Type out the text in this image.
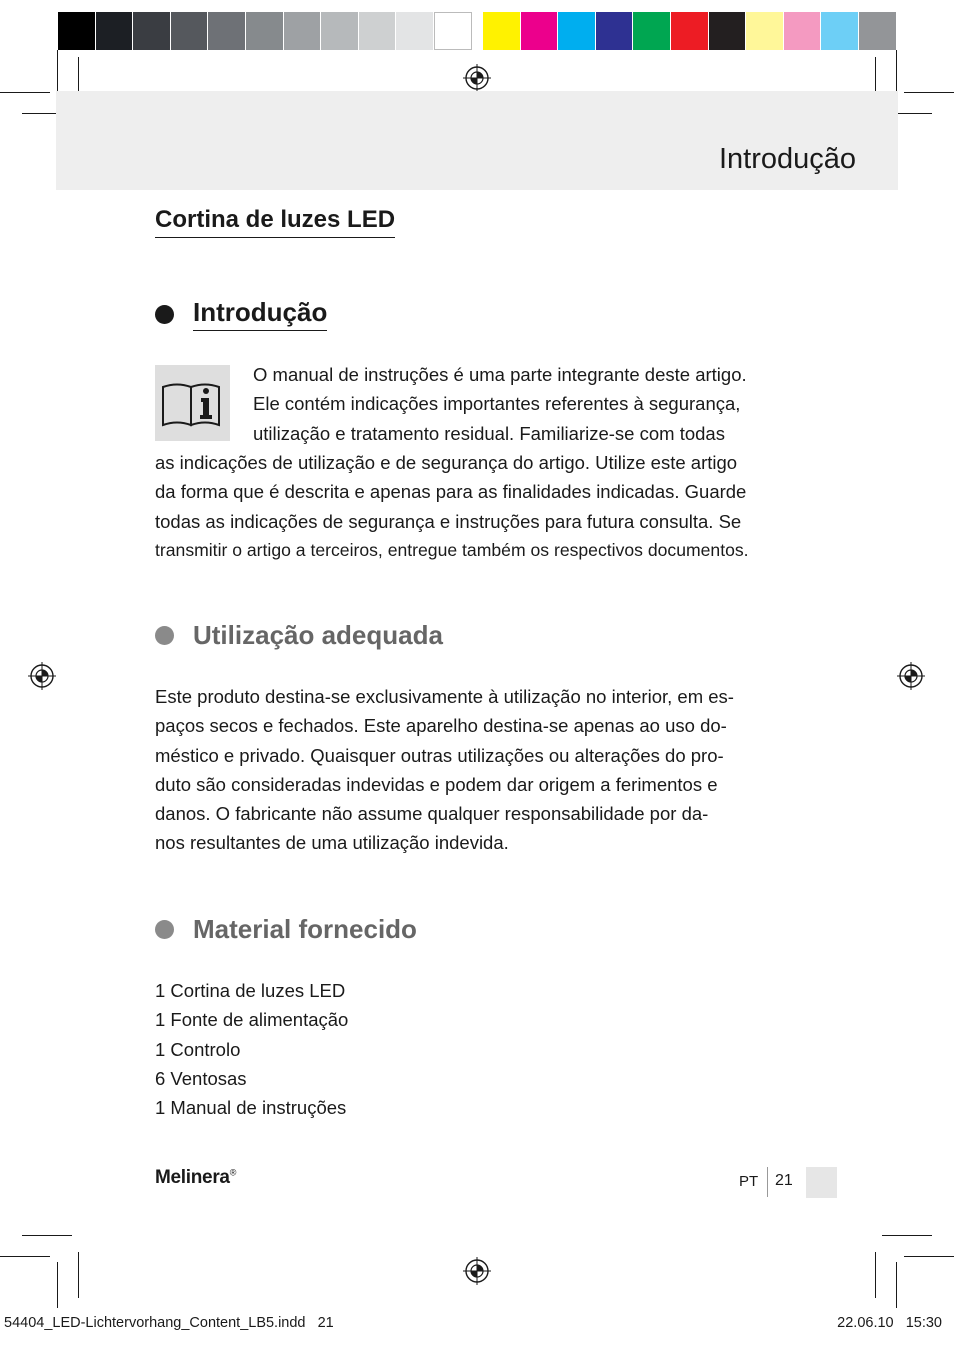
Introdução
Cortina de luzes LED
Introdução
O manual de instruções é uma parte integrante deste artigo.
Ele contém indicações importantes referentes à segurança,
utilização e tratamento residual. Familiarize-se com todas
as indicações de utilização e de segurança do artigo. Utilize este artigo
da forma que é descrita e apenas para as finalidades indicadas. Guarde
todas as indicações de segurança e instruções para futura consulta. Se
transmitir o artigo a terceiros, entregue também os respectivos documentos.
Utilização adequada
Este produto destina-se exclusivamente à utilização no interior, em es-
paços secos e fechados. Este aparelho destina-se apenas ao uso do-
méstico e privado. Quaisquer outras utilizações ou alterações do pro-
duto são consideradas indevidas e podem dar origem a ferimentos e
danos. O fabricante não assume qualquer responsabilidade por da-
nos resultantes de uma utilização indevida.
Material fornecido
1 Cortina de luzes LED
1 Fonte de alimentação
1 Controlo
6 Ventosas
1 Manual de instruções
Melinera®
PT 21
54404_LED-Lichtervorhang_Content_LB5.indd   21	22.06.10   15:30
